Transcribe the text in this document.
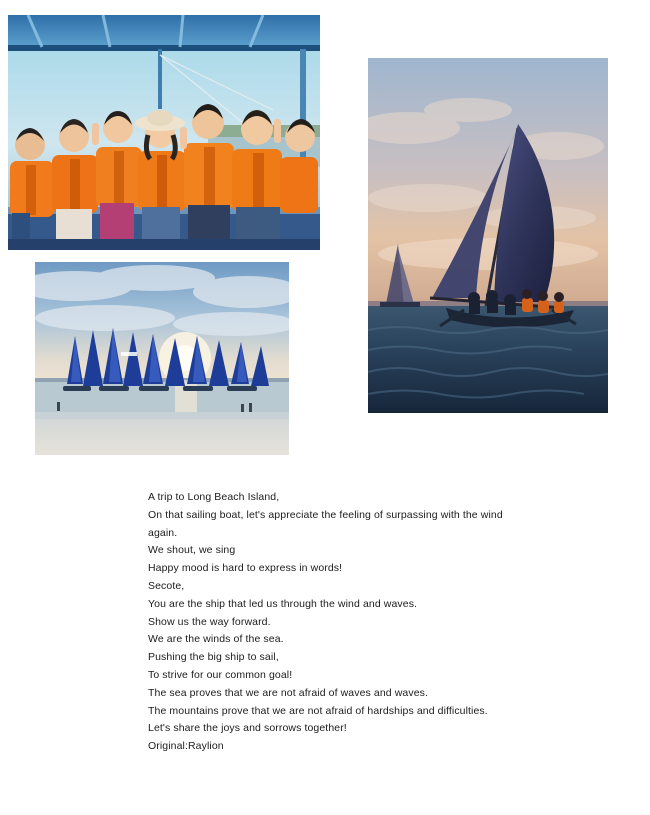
A trip to Long Beach Island,

On that sailing boat, let's appreciate the feeling of surpassing with the wind

again.

We shout, we sing

Happy mood is hard to express in words!

Secote,

You are the ship that led us through the wind and waves.

Show us the way forward.

We are the winds of the sea.

Pushing the big ship to sail,

To strive for our common goal!

The sea proves that we are not afraid of waves and waves.

The mountains prove that we are not afraid of hardships and difficulties.

Let's share the joys and sorrows together!

Original:Raylion
